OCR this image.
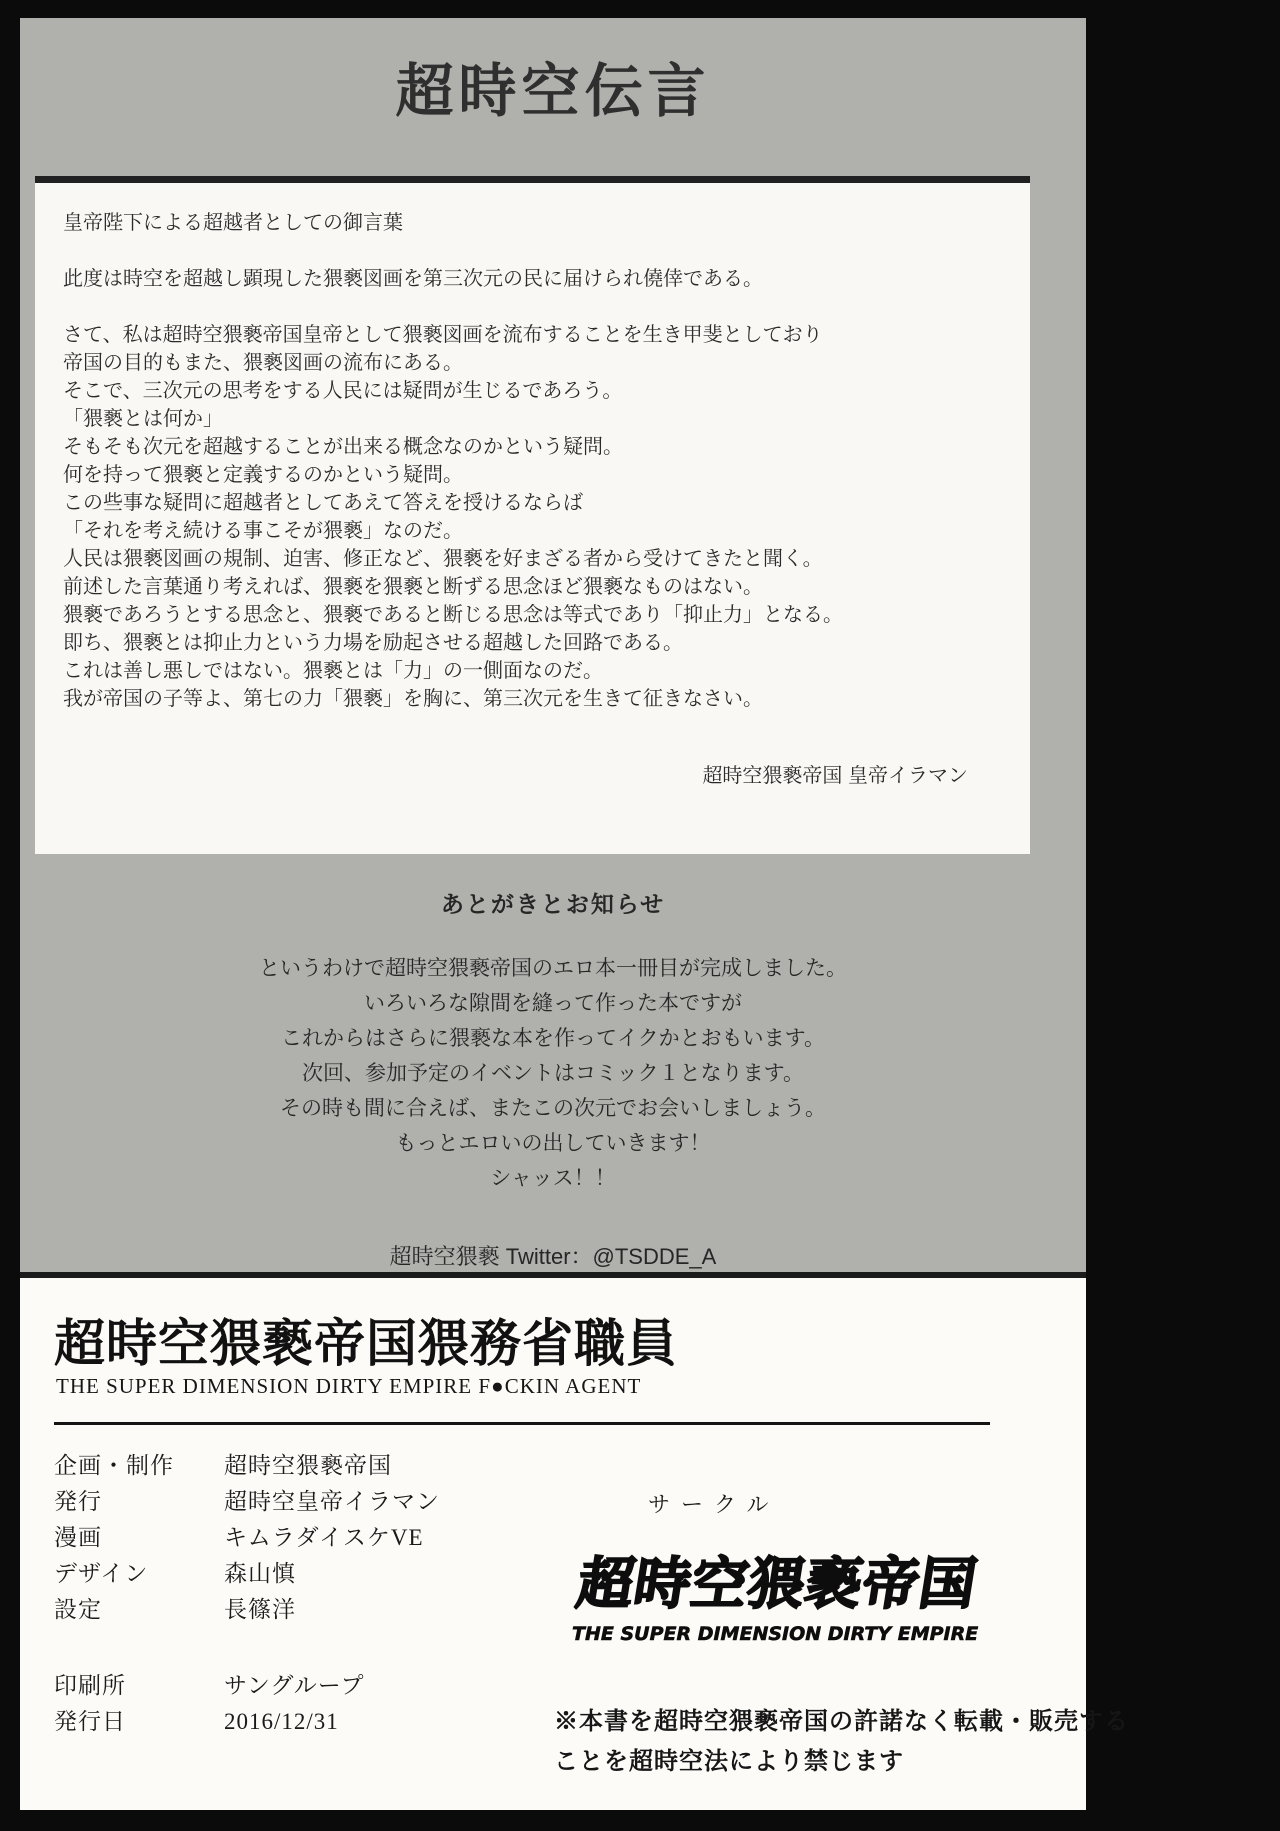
超時空伝言
皇帝陛下による超越者としての御言葉
此度は時空を超越し顕現した猥褻図画を第三次元の民に届けられ僥倖である。
さて、私は超時空猥褻帝国皇帝として猥褻図画を流布することを生き甲斐としており
帝国の目的もまた、猥褻図画の流布にある。
そこで、三次元の思考をする人民には疑問が生じるであろう。
「猥褻とは何か」
そもそも次元を超越することが出来る概念なのかという疑問。
何を持って猥褻と定義するのかという疑問。
この些事な疑問に超越者としてあえて答えを授けるならば
「それを考え続ける事こそが猥褻」なのだ。
人民は猥褻図画の規制、迫害、修正など、猥褻を好まざる者から受けてきたと聞く。
前述した言葉通り考えれば、猥褻を猥褻と断ずる思念ほど猥褻なものはない。
猥褻であろうとする思念と、猥褻であると断じる思念は等式であり「抑止力」となる。
即ち、猥褻とは抑止力という力場を励起させる超越した回路である。
これは善し悪しではない。猥褻とは「力」の一側面なのだ。
我が帝国の子等よ、第七の力「猥褻」を胸に、第三次元を生きて征きなさい。
超時空猥褻帝国 皇帝イラマン
あとがきとお知らせ
というわけで超時空猥褻帝国のエロ本一冊目が完成しました。
いろいろな隙間を縫って作った本ですが
これからはさらに猥褻な本を作ってイクかとおもいます。
次回、参加予定のイベントはコミック１となります。
その時も間に合えば、またこの次元でお会いしましょう。
もっとエロいの出していきます！
シャッス！！
超時空猥褻 Twitter：@TSDDE_A
超時空猥褻帝国猥務省職員
THE SUPER DIMENSION DIRTY EMPIRE F●CKIN AGENT
企画・制作	超時空猥褻帝国
発行	超時空皇帝イラマン
漫画	キムラダイスケVE
デザイン	森山慎
設定	長篠洋
印刷所	サングループ
発行日	2016/12/31
サークル
超時空猥褻帝国
THE SUPER DIMENSION DIRTY EMPIRE
※本書を超時空猥褻帝国の許諾なく転載・販売する
ことを超時空法により禁じます
